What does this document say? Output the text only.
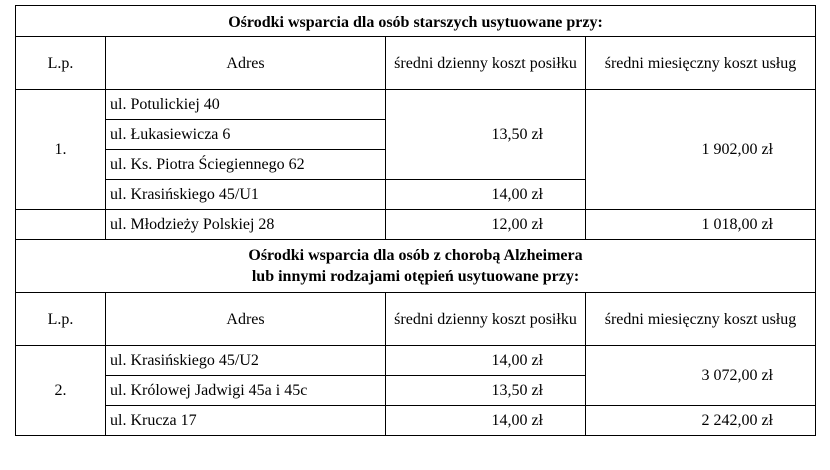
Ośrodki wsparcia dla osób starszych usytuowane przy:			
L.p.	Adres	średni dzienny koszt posiłku	średni miesięczny koszt usług
1.	ul. Potulickiej 40	13,50 zł	1 902,00 zł
	ul. Łukasiewicza 6		
	ul. Ks. Piotra Ściegiennego 62		
	ul. Krasińskiego 45/U1	14,00 zł	
	ul. Młodzieży Polskiej 28	12,00 zł	1 018,00 zł

Ośrodki wsparcia dla osób z chorobą Alzheimera
lub innymi rodzajami otępień usytuowane przy:			

L.p.	Adres	średni dzienny koszt posiłku	średni miesięczny koszt usług
2.	ul. Krasińskiego 45/U2	14,00 zł	3 072,00 zł
	ul. Królowej Jadwigi 45a i 45c	13,50 zł	
	ul. Krucza 17	14,00 zł	2 242,00 zł
